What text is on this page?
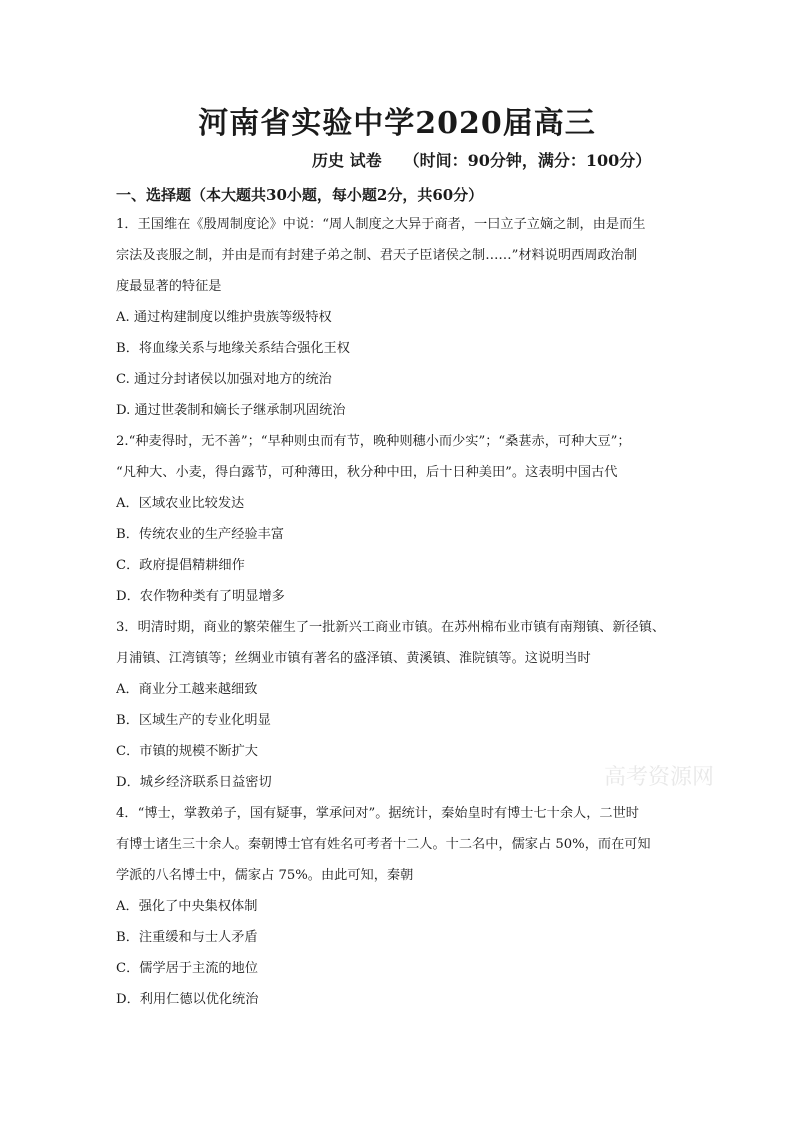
河南省实验中学2020届高三
历史 试卷 （时间：90分钟，满分：100分）
一、选择题（本大题共30小题，每小题2分，共60分）
1．王国维在《殷周制度论》中说：“周人制度之大异于商者，一曰立子立嫡之制，由是而生
宗法及丧服之制，并由是而有封建子弟之制、君天子臣诸侯之制……”材料说明西周政治制
度最显著的特征是
A. 通过构建制度以维护贵族等级特权
B．将血缘关系与地缘关系结合强化王权
C. 通过分封诸侯以加强对地方的统治
D. 通过世袭制和嫡长子继承制巩固统治
2.“种麦得时，无不善”；“早种则虫而有节，晚种则穗小而少实”；“桑葚赤，可种大豆”；
“凡种大、小麦，得白露节，可种薄田，秋分种中田，后十日种美田”。这表明中国古代
A．区域农业比较发达
B．传统农业的生产经验丰富
C．政府提倡精耕细作
D．农作物种类有了明显增多
3．明清时期，商业的繁荣催生了一批新兴工商业市镇。在苏州棉布业市镇有南翔镇、新径镇、
月浦镇、江湾镇等；丝绸业市镇有著名的盛泽镇、黄溪镇、淮院镇等。这说明当时
A．商业分工越来越细致
B．区域生产的专业化明显
C．市镇的规模不断扩大
D．城乡经济联系日益密切
4．“博士，掌教弟子，国有疑事，掌承问对”。据统计，秦始皇时有博士七十余人，二世时
有博士诸生三十余人。秦朝博士官有姓名可考者十二人。十二名中，儒家占 50%，而在可知
学派的八名博士中，儒家占 75%。由此可知，秦朝
A．强化了中央集权体制
B．注重缓和与士人矛盾
C．儒学居于主流的地位
D．利用仁德以优化统治
高考资源网
